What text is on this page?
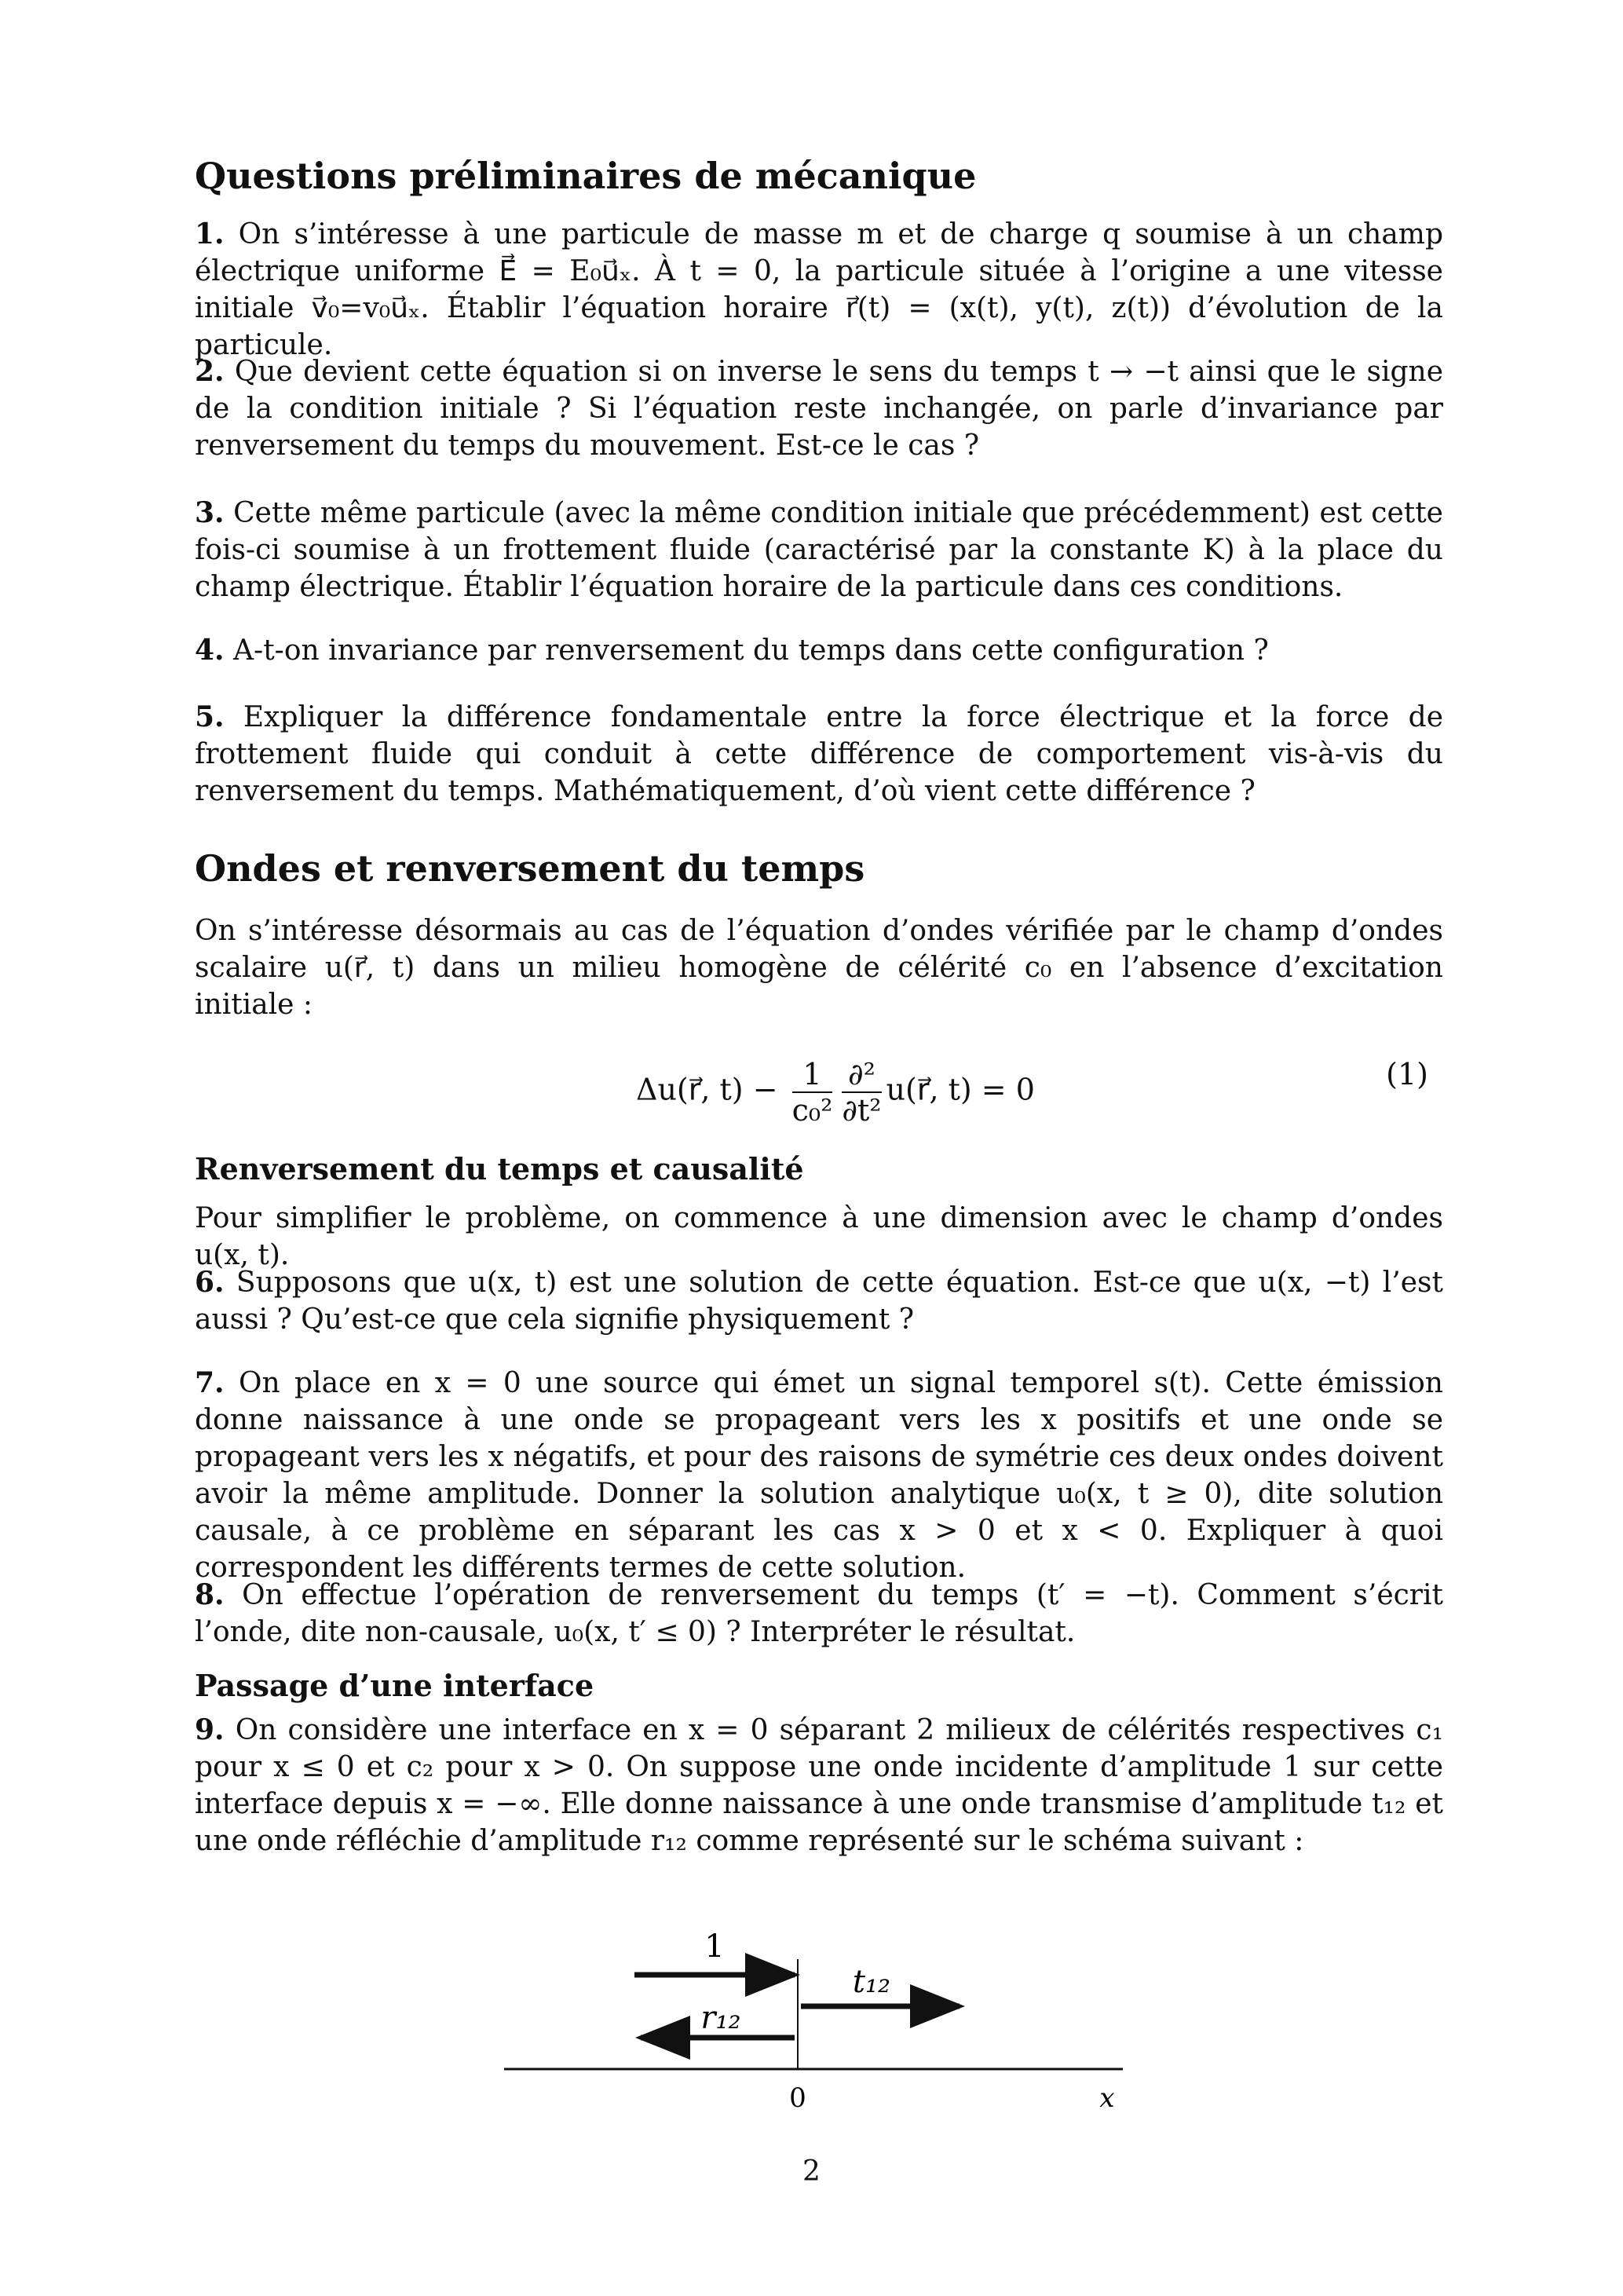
Questions préliminaires de mécanique
1. On s’intéresse à une particule de masse m et de charge q soumise à un champ électrique uniforme E⃗ = E₀u⃗ₓ. À t = 0, la particule située à l’origine a une vitesse initiale v⃗₀=v₀u⃗ₓ. Établir l’équation horaire r⃗(t) = (x(t), y(t), z(t)) d’évolution de la particule.
2. Que devient cette équation si on inverse le sens du temps t → −t ainsi que le signe de la condition initiale ? Si l’équation reste inchangée, on parle d’invariance par renversement du temps du mouvement. Est-ce le cas ?
3. Cette même particule (avec la même condition initiale que précédemment) est cette fois-ci soumise à un frottement fluide (caractérisé par la constante K) à la place du champ électrique. Établir l’équation horaire de la particule dans ces conditions.
4. A-t-on invariance par renversement du temps dans cette configuration ?
5. Expliquer la différence fondamentale entre la force électrique et la force de frottement fluide qui conduit à cette différence de comportement vis-à-vis du renversement du temps. Mathématiquement, d’où vient cette différence ?
Ondes et renversement du temps
On s’intéresse désormais au cas de l’équation d’ondes vérifiée par le champ d’ondes scalaire u(r⃗, t) dans un milieu homogène de célérité c₀ en l’absence d’excitation initiale :
Δu(r⃗, $t) - \frac{1}{\text{c₀²}} \frac{\text{∂²}}{\text{∂t²}}$ u(r⃗, t) = 0	(1)
Renversement du temps et causalité
Pour simplifier le problème, on commence à une dimension avec le champ d’ondes u(x, t).
6. Supposons que u(x, t) est une solution de cette équation. Est-ce que u(x, −t) l’est aussi ? Qu’est-ce que cela signifie physiquement ?
7. On place en x = 0 une source qui émet un signal temporel s(t). Cette émission donne naissance à une onde se propageant vers les x positifs et une onde se propageant vers les x négatifs, et pour des raisons de symétrie ces deux ondes doivent avoir la même amplitude. Donner la solution analytique u₀(x, t ≥ 0), dite solution causale, à ce problème en séparant les cas x > 0 et x < 0. Expliquer à quoi correspondent les différents termes de cette solution.
8. On effectue l’opération de renversement du temps (t′ = −t). Comment s’écrit l’onde, dite non-causale, u₀(x, t′ ≤ 0) ? Interpréter le résultat.
Passage d’une interface
9. On considère une interface en x = 0 séparant 2 milieux de célérités respectives c₁ pour x ≤ 0 et c₂ pour x > 0. On suppose une onde incidente d’amplitude 1 sur cette interface depuis x = −∞. Elle donne naissance à une onde transmise d’amplitude t₁₂ et une onde réfléchie d’amplitude r₁₂ comme représenté sur le schéma suivant :
1
t₁₂
r₁₂
0	x
2
